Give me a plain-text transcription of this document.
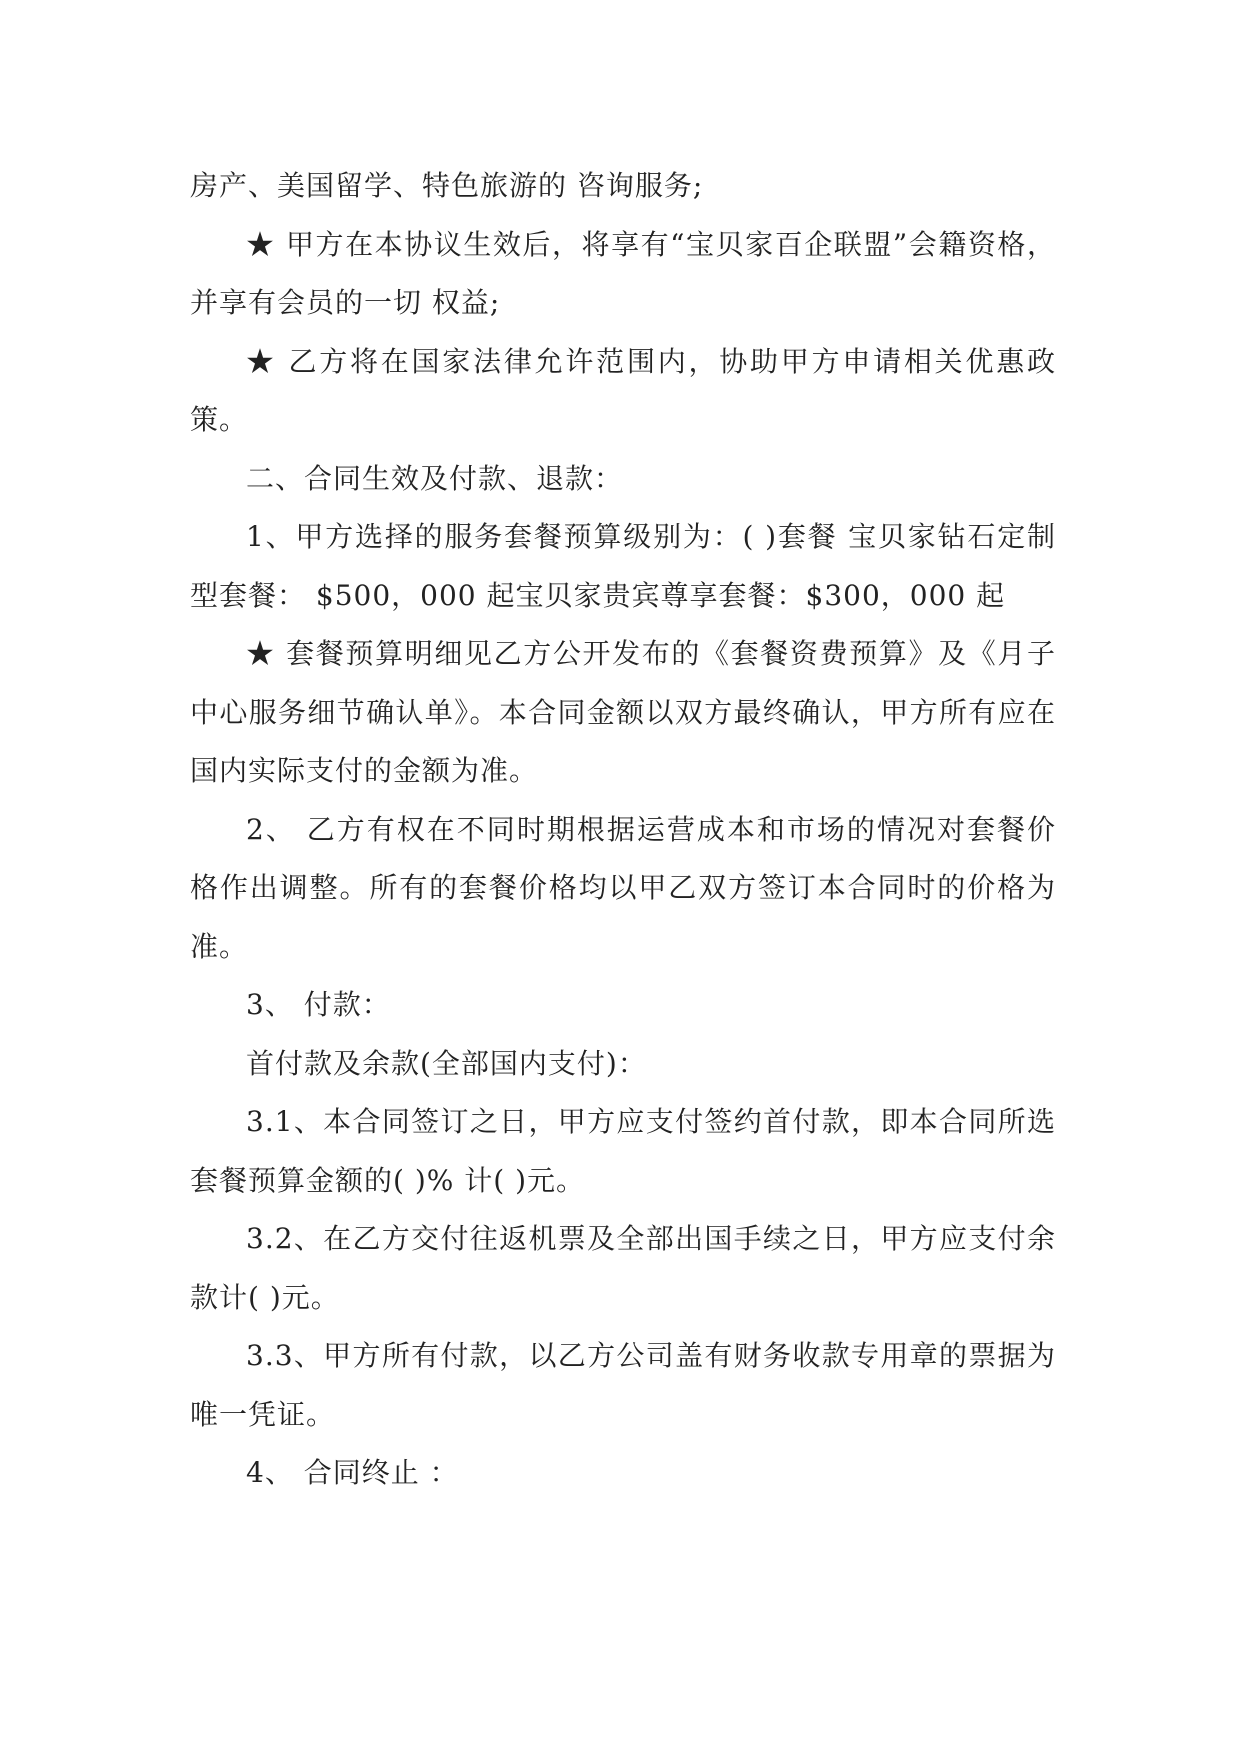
房产、美国留学、特色旅游的 咨询服务;

★ 甲方在本协议生效后，将享有“宝贝家百企联盟”会籍资格，并享有会员的一切 权益;

★ 乙方将在国家法律允许范围内，协助甲方申请相关优惠政策。

二、合同生效及付款、退款：

1、甲方选择的服务套餐预算级别为：( )套餐 宝贝家钻石定制型套餐： $500，000 起宝贝家贵宾尊享套餐：$300，000 起

★ 套餐预算明细见乙方公开发布的《套餐资费预算》及《月子中心服务细节确认单》。本合同金额以双方最终确认，甲方所有应在国内实际支付的金额为准。

2、 乙方有权在不同时期根据运营成本和市场的情况对套餐价格作出调整。所有的套餐价格均以甲乙双方签订本合同时的价格为准。

3、 付款：

首付款及余款(全部国内支付)：

3.1、本合同签订之日，甲方应支付签约首付款，即本合同所选套餐预算金额的( )% 计( )元。

3.2、在乙方交付往返机票及全部出国手续之日，甲方应支付余款计( )元。

3.3、甲方所有付款，以乙方公司盖有财务收款专用章的票据为唯一凭证。

4、 合同终止 ：
